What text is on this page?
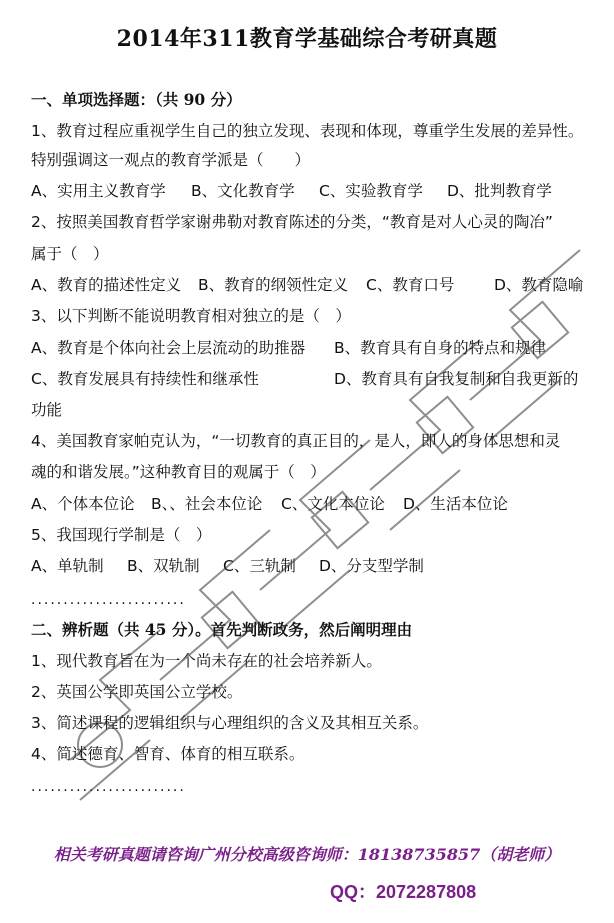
2014年311教育学基础综合考研真题
一、单项选择题：（共 90 分）
1、教育过程应重视学生自己的独立发现、表现和体现，尊重学生发展的差异性。
特别强调这一观点的教育学派是（　　）
A、实用主义教育学 B、文化教育学 C、实验教育学 D、批判教育学
2、按照美国教育哲学家谢弗勒对教育陈述的分类，“教育是对人心灵的陶冶”
属于（　）
A、教育的描述性定义 B、教育的纲领性定义 C、教育口号	D、教育隐喻
3、以下判断不能说明教育相对独立的是（　）
A、教育是个体向社会上层流动的助推器 B、教育具有自身的特点和规律
C、教育发展具有持续性和继承性	D、教育具有自我复制和自我更新的
功能
4、美国教育家帕克认为，“一切教育的真正目的，是人，即人的身体思想和灵
魂的和谐发展。”这种教育目的观属于（　）
A、个体本位论 B、、社会本位论 C、文化本位论 D、生活本位论
5、我国现行学制是（　）
A、单轨制 B、双轨制 C、三轨制 D、分支型学制
........................
二、辨析题（共 45 分）。首先判断政务，然后阐明理由
1、现代教育旨在为一个尚未存在的社会培养新人。
2、英国公学即英国公立学校。
3、简述课程的逻辑组织与心理组织的含义及其相互关系。
4、简述德育、智育、体育的相互联系。
........................
相关考研真题请咨询广州分校高级咨询师：18138735857（胡老师）
QQ：2072287808
